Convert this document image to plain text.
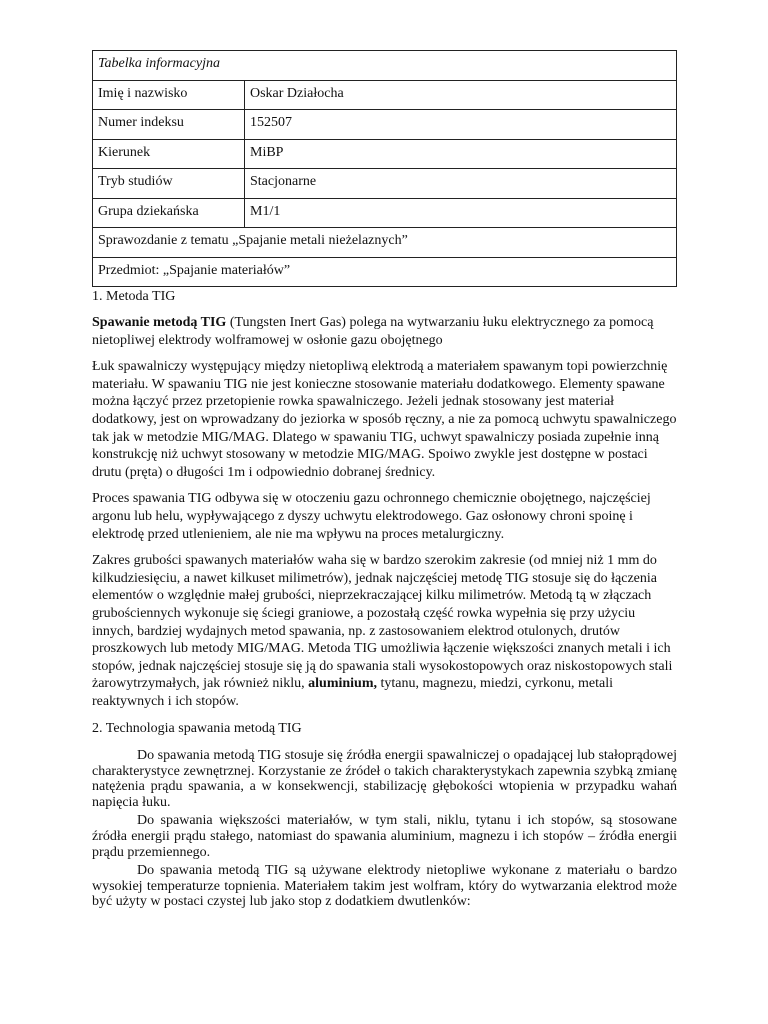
Tabelka informacyjna	
Imię i nazwisko	Oskar Działocha
Numer indeksu	152507
Kierunek	MiBP
Tryb studiów	Stacjonarne
Grupa dziekańska	M1/1
Sprawozdanie z tematu „Spajanie metali nieżelaznych”	
Przedmiot: „Spajanie materiałów”	
1. Metoda TIG

Spawanie metodą TIG (Tungsten Inert Gas) polega na wytwarzaniu łuku elektrycznego za pomocą nietopliwej elektrody wolframowej w osłonie gazu obojętnego

Łuk spawalniczy występujący między nietopliwą elektrodą a materiałem spawanym topi powierzchnię materiału. W spawaniu TIG nie jest konieczne stosowanie materiału dodatkowego. Elementy spawane można łączyć przez przetopienie rowka spawalniczego. Jeżeli jednak stosowany jest materiał dodatkowy, jest on wprowadzany do jeziorka w sposób ręczny, a nie za pomocą uchwytu spawalniczego tak jak w metodzie MIG/MAG. Dlatego w spawaniu TIG, uchwyt spawalniczy posiada zupełnie inną konstrukcję niż uchwyt stosowany w metodzie MIG/MAG. Spoiwo zwykle jest dostępne w postaci drutu (pręta) o długości 1m i odpowiednio dobranej średnicy.

Proces spawania TIG odbywa się w otoczeniu gazu ochronnego chemicznie obojętnego, najczęściej argonu lub helu, wypływającego z dyszy uchwytu elektrodowego. Gaz osłonowy chroni spoinę i elektrodę przed utlenieniem, ale nie ma wpływu na proces metalurgiczny.

Zakres grubości spawanych materiałów waha się w bardzo szerokim zakresie (od mniej niż 1 mm do kilkudziesięciu, a nawet kilkuset milimetrów), jednak najczęściej metodę TIG stosuje się do łączenia elementów o względnie małej grubości, nieprzekraczającej kilku milimetrów. Metodą tą w złączach grubościennych wykonuje się ściegi graniowe, a pozostałą część rowka wypełnia się przy użyciu innych, bardziej wydajnych metod spawania, np. z zastosowaniem elektrod otulonych, drutów proszkowych lub metody MIG/MAG. Metoda TIG umożliwia łączenie większości znanych metali i ich stopów, jednak najczęściej stosuje się ją do spawania stali wysokostopowych oraz niskostopowych stali żarowytrzymałych, jak również niklu, aluminium, tytanu, magnezu, miedzi, cyrkonu, metali reaktywnych i ich stopów.

2. Technologia spawania metodą TIG

Do spawania metodą TIG stosuje się źródła energii spawalniczej o opadającej lub stałoprądowej charakterystyce zewnętrznej. Korzystanie ze źródeł o takich charakterystykach zapewnia szybką zmianę natężenia prądu spawania, a w konsekwencji, stabilizację głębokości wtopienia w przypadku wahań napięcia łuku.

Do spawania większości materiałów, w tym stali, niklu, tytanu i ich stopów, są stosowane źródła energii prądu stałego, natomiast do spawania aluminium, magnezu i ich stopów – źródła energii prądu przemiennego.

Do spawania metodą TIG są używane elektrody nietopliwe wykonane z materiału o bardzo wysokiej temperaturze topnienia. Materiałem takim jest wolfram, który do wytwarzania elektrod może być użyty w postaci czystej lub jako stop z dodatkiem dwutlenków:
